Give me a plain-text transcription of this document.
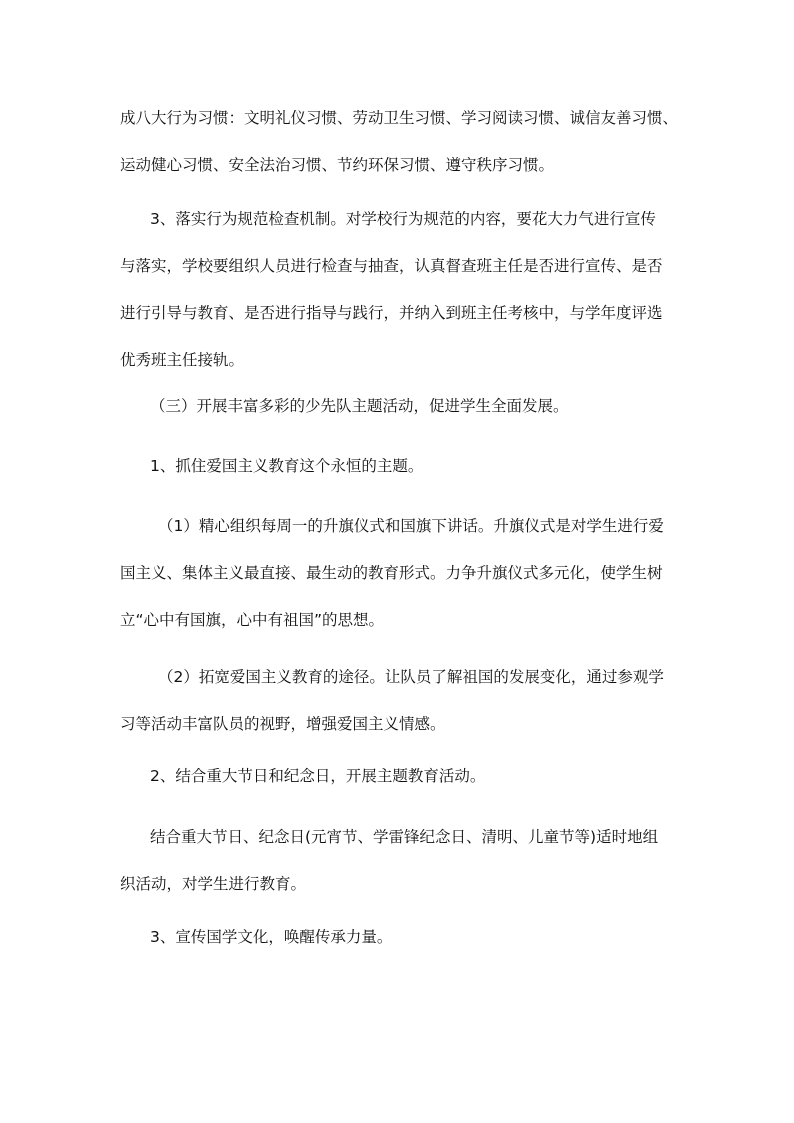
成八大行为习惯：文明礼仪习惯、劳动卫生习惯、学习阅读习惯、诚信友善习惯、
运动健心习惯、安全法治习惯、节约环保习惯、遵守秩序习惯。

3、落实行为规范检查机制。对学校行为规范的内容，要花大力气进行宣传
与落实，学校要组织人员进行检查与抽查，认真督查班主任是否进行宣传、是否
进行引导与教育、是否进行指导与践行，并纳入到班主任考核中，与学年度评选
优秀班主任接轨。

（三）开展丰富多彩的少先队主题活动，促进学生全面发展。

1、抓住爱国主义教育这个永恒的主题。

（1）精心组织每周一的升旗仪式和国旗下讲话。升旗仪式是对学生进行爱
国主义、集体主义最直接、最生动的教育形式。力争升旗仪式多元化，使学生树
立“心中有国旗，心中有祖国”的思想。

（2）拓宽爱国主义教育的途径。让队员了解祖国的发展变化，通过参观学
习等活动丰富队员的视野，增强爱国主义情感。

2、结合重大节日和纪念日，开展主题教育活动。

结合重大节日、纪念日(元宵节、学雷锋纪念日、清明、儿童节等)适时地组
织活动，对学生进行教育。

3、宣传国学文化，唤醒传承力量。
